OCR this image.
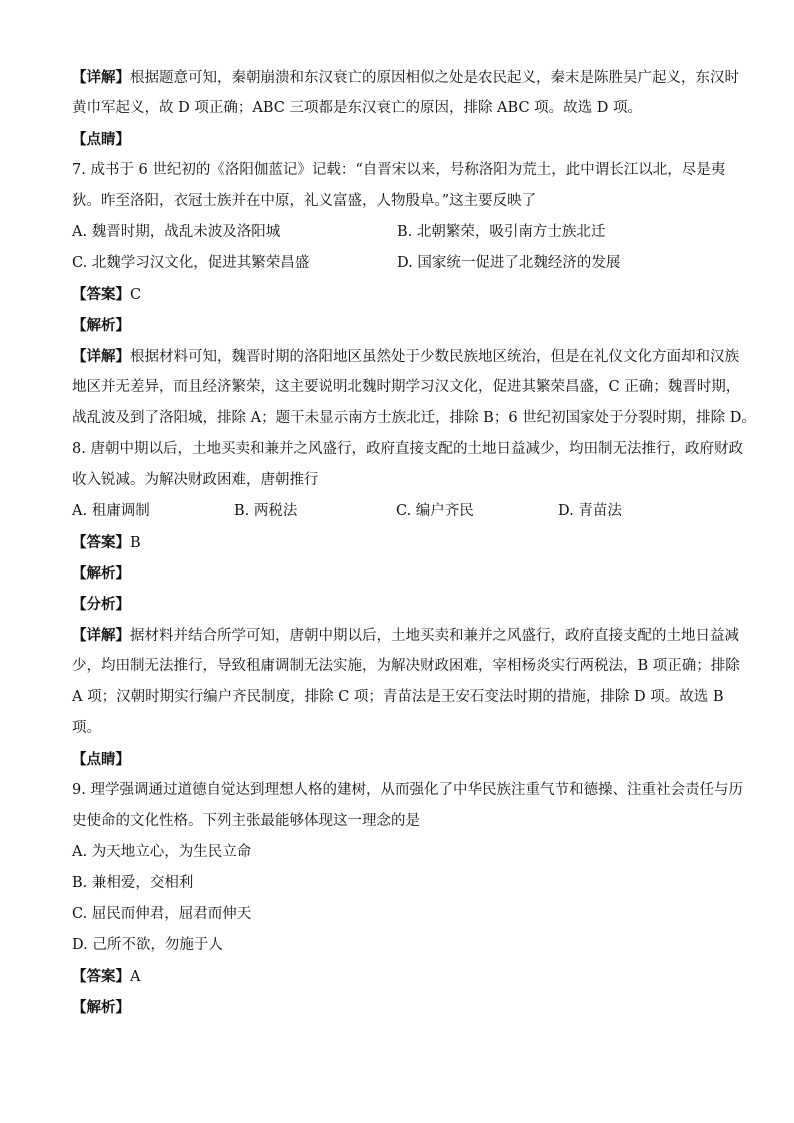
【详解】根据题意可知，秦朝崩溃和东汉衰亡的原因相似之处是农民起义，秦末是陈胜吴广起义，东汉时
黄巾军起义，故 D 项正确；ABC 三项都是东汉衰亡的原因，排除 ABC 项。故选 D 项。
【点睛】
7. 成书于 6 世纪初的《洛阳伽蓝记》记载：“自晋宋以来，号称洛阳为荒土，此中谓长江以北，尽是夷
狄。昨至洛阳，衣冠士族并在中原，礼义富盛，人物殷阜。”这主要反映了
A. 魏晋时期，战乱未波及洛阳城	B. 北朝繁荣，吸引南方士族北迁
C. 北魏学习汉文化，促进其繁荣昌盛	D. 国家统一促进了北魏经济的发展
【答案】C
【解析】
【详解】根据材料可知，魏晋时期的洛阳地区虽然处于少数民族地区统治，但是在礼仪文化方面却和汉族
地区并无差异，而且经济繁荣，这主要说明北魏时期学习汉文化，促进其繁荣昌盛，C 正确；魏晋时期，
战乱波及到了洛阳城，排除 A；题干未显示南方士族北迁，排除 B；6 世纪初国家处于分裂时期，排除 D。
8. 唐朝中期以后，土地买卖和兼并之风盛行，政府直接支配的土地日益减少，均田制无法推行，政府财政
收入锐减。为解决财政困难，唐朝推行
A. 租庸调制	B. 两税法	C. 编户齐民	D. 青苗法
【答案】B
【解析】
【分析】
【详解】据材料并结合所学可知，唐朝中期以后，土地买卖和兼并之风盛行，政府直接支配的土地日益减
少，均田制无法推行，导致租庸调制无法实施，为解决财政困难，宰相杨炎实行两税法，B 项正确；排除
A 项；汉朝时期实行编户齐民制度，排除 C 项；青苗法是王安石变法时期的措施，排除 D 项。故选 B
项。
【点睛】
9. 理学强调通过道德自觉达到理想人格的建树，从而强化了中华民族注重气节和德操、注重社会责任与历
史使命的文化性格。下列主张最能够体现这一理念的是
A. 为天地立心，为生民立命
B. 兼相爱，交相利
C. 屈民而伸君，屈君而伸天
D. 己所不欲，勿施于人
【答案】A
【解析】
